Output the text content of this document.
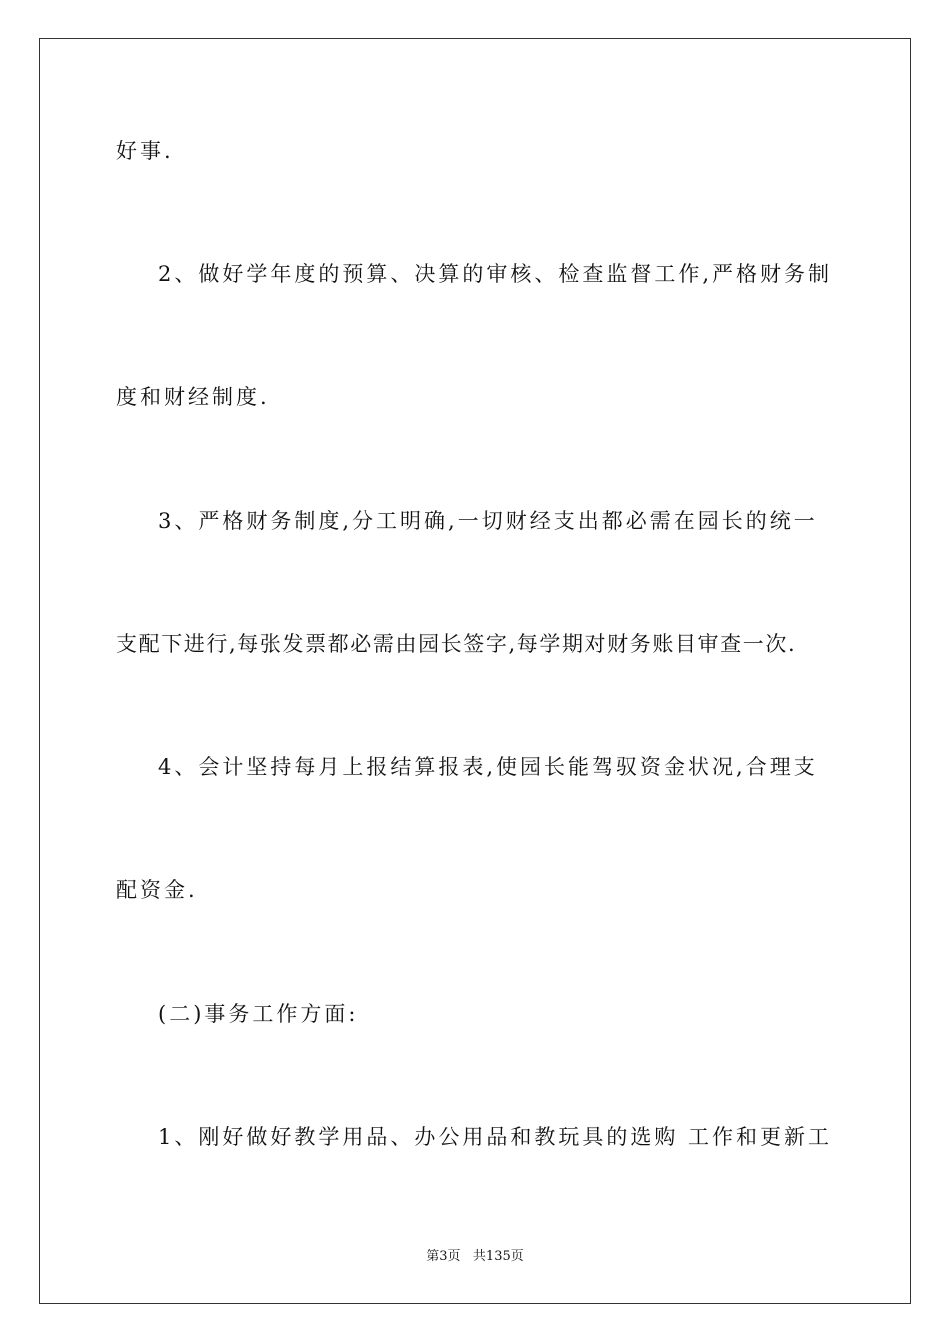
好事.
2、做好学年度的预算、决算的审核、检查监督工作,严格财务制
度和财经制度.
3、严格财务制度,分工明确,一切财经支出都必需在园长的统一
支配下进行,每张发票都必需由园长签字,每学期对财务账目审查一次.
4、会计坚持每月上报结算报表,使园长能驾驭资金状况,合理支
配资金.
(二)事务工作方面:
1、刚好做好教学用品、办公用品和教玩具的选购 工作和更新工
第3页 共135页
